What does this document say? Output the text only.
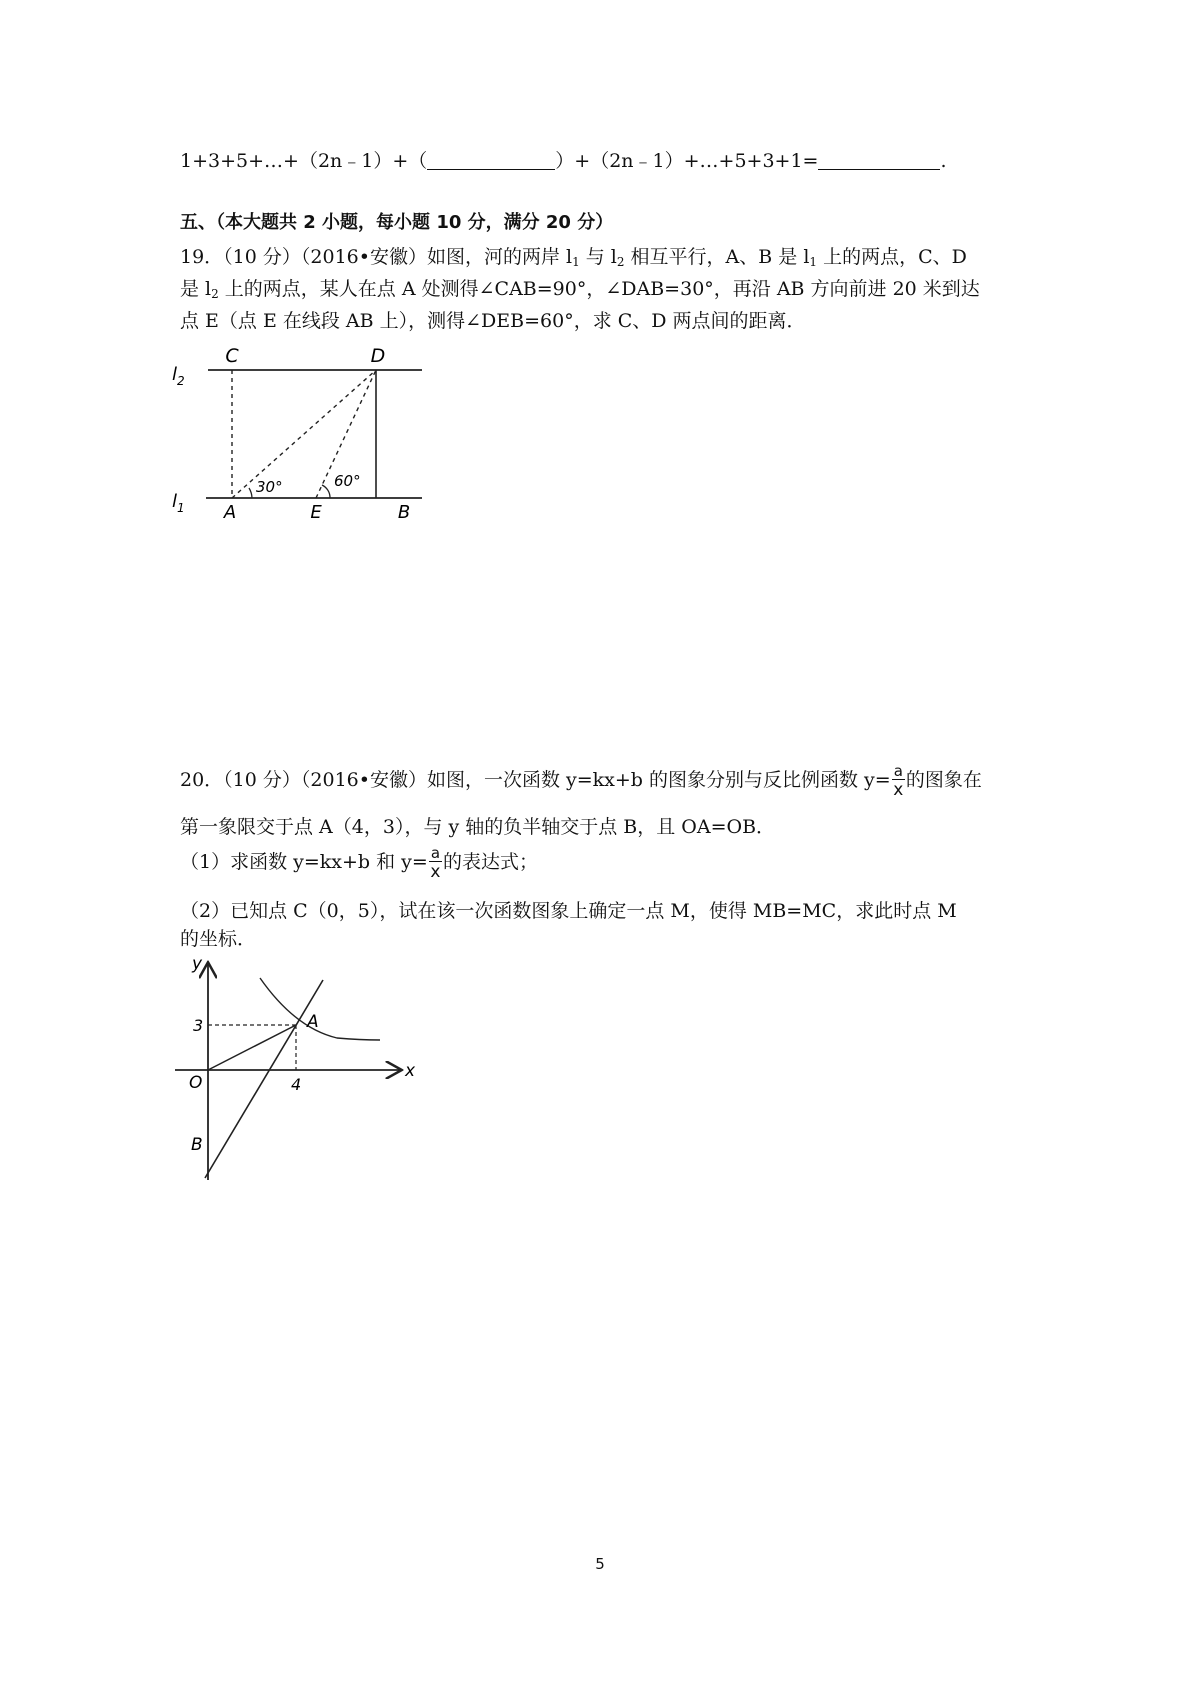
1+3+5+…+（2n﹣1）+（	）+（2n﹣1）+…+5+3+1=	.
五、（本大题共 2 小题，每小题 10 分，满分 20 分）
19．（10 分）（2016•安徽）如图，河的两岸 $l_1$ 与 $l_2$ 相互平行，A、B 是 $l_1$ 上的两点，C、D
是 $l_2$ 上的两点，某人在点 A 处测得∠CAB=90°，∠DAB=30°，再沿 AB 方向前进 20 米到达
点 E（点 E 在线段 AB 上），测得∠DEB=60°，求 C、D 两点间的距离．
C	D
$l_2$
$l_1$ A	E	B
30°	60°
20．（10 分）（2016•安徽）如图，一次函数 y=kx+b 的图象分别与反比例函数 $y= \frac{a}{x}$ 的图象在
第一象限交于点 A（4，3），与 y 轴的负半轴交于点 B，且 OA=OB．
（1）求函数 y=kx+b 和 $y= \frac{a}{x}$ 的表达式；
（2）已知点 C（0，5），试在该一次函数图象上确定一点 M，使得 MB=MC，求此时点 M
的坐标．
y
x
O
A
B
3
4
5
